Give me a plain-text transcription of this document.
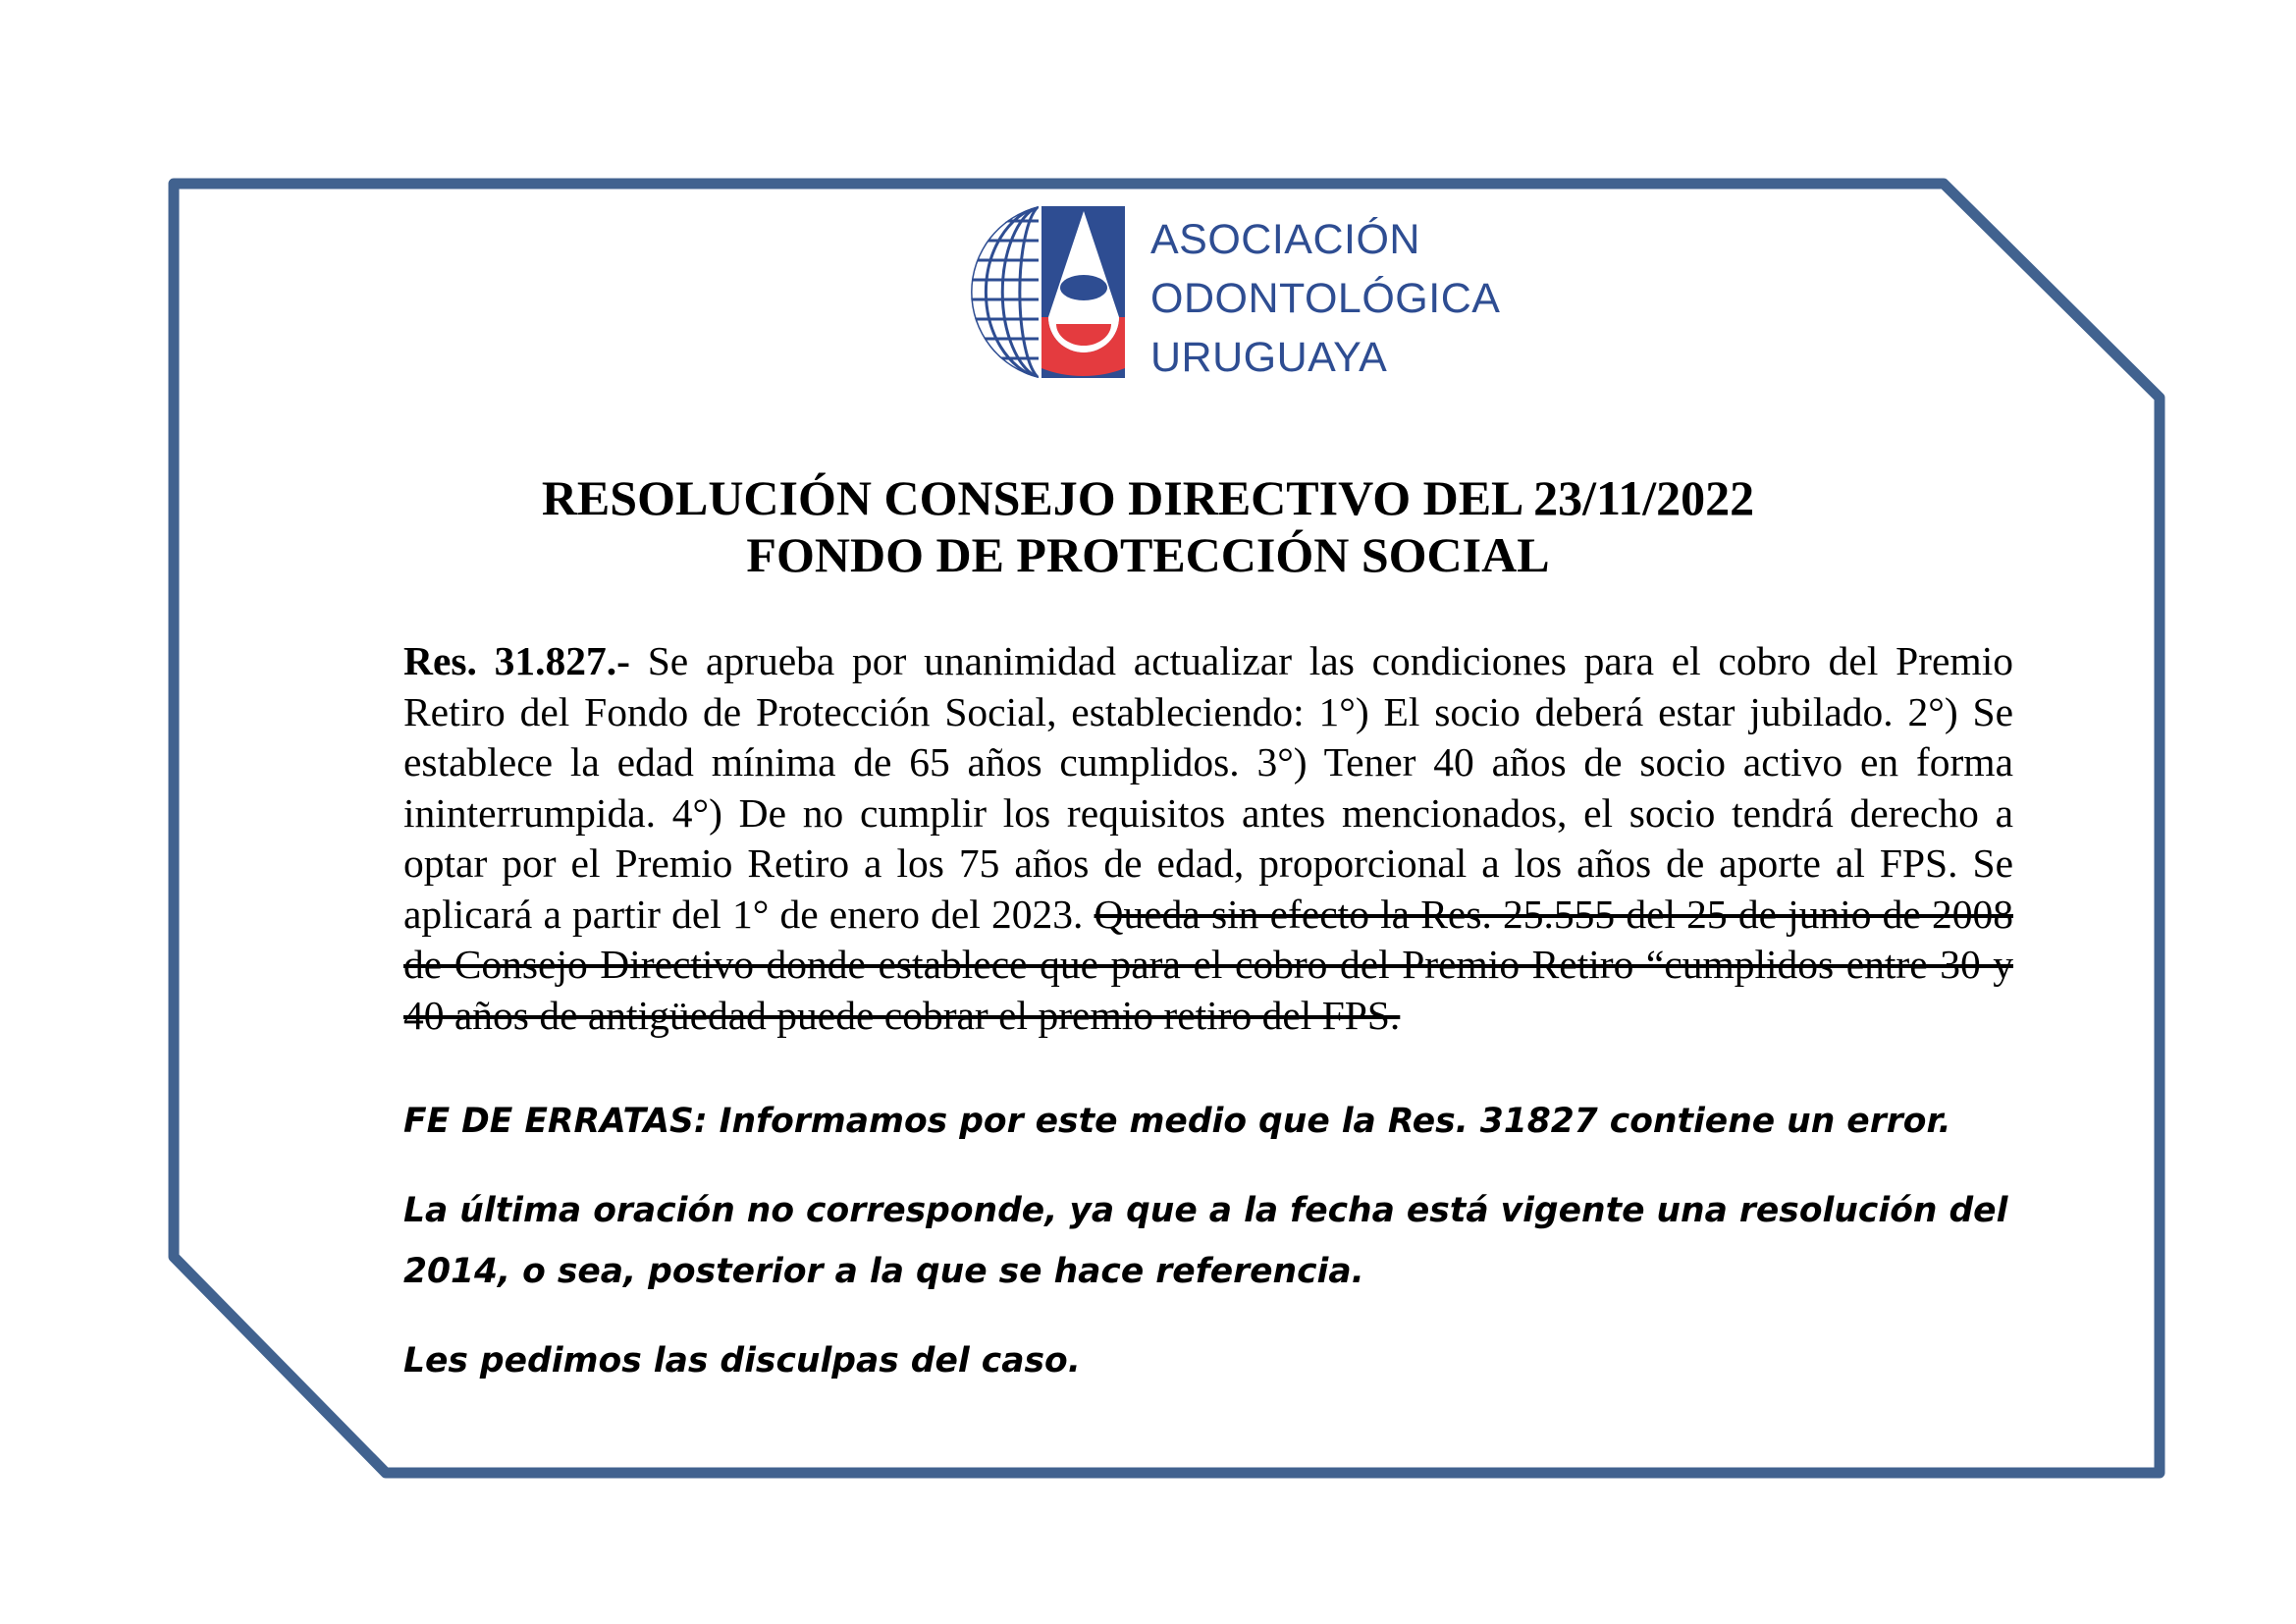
ASOCIACIÓN
ODONTOLÓGICA
URUGUAYA
RESOLUCIÓN CONSEJO DIRECTIVO DEL 23/11/2022
FONDO DE PROTECCIÓN SOCIAL
Res. 31.827.- Se aprueba por unanimidad actualizar las condiciones para el cobro del Premio Retiro del Fondo de Protección Social, estableciendo: 1°) El socio deberá estar jubilado. 2°) Se establece la edad mínima de 65 años cumplidos. 3°) Tener 40 años de socio activo en forma ininterrumpida. 4°) De no cumplir los requisitos antes mencionados, el socio tendrá derecho a optar por el Premio Retiro a los 75 años de edad, proporcional a los años de aporte al FPS. Se aplicará a partir del 1° de enero del 2023. Queda sin efecto la Res. 25.555 del 25 de junio de 2008 de Consejo Directivo donde establece que para el cobro del Premio Retiro “cumplidos entre 30 y 40 años de antigüedad puede cobrar el premio retiro del FPS.
FE DE ERRATAS: Informamos por este medio que la Res. 31827 contiene un error.
La última oración no corresponde, ya que a la fecha está vigente una resolución del
2014, o sea, posterior a la que se hace referencia.
Les pedimos las disculpas del caso.
